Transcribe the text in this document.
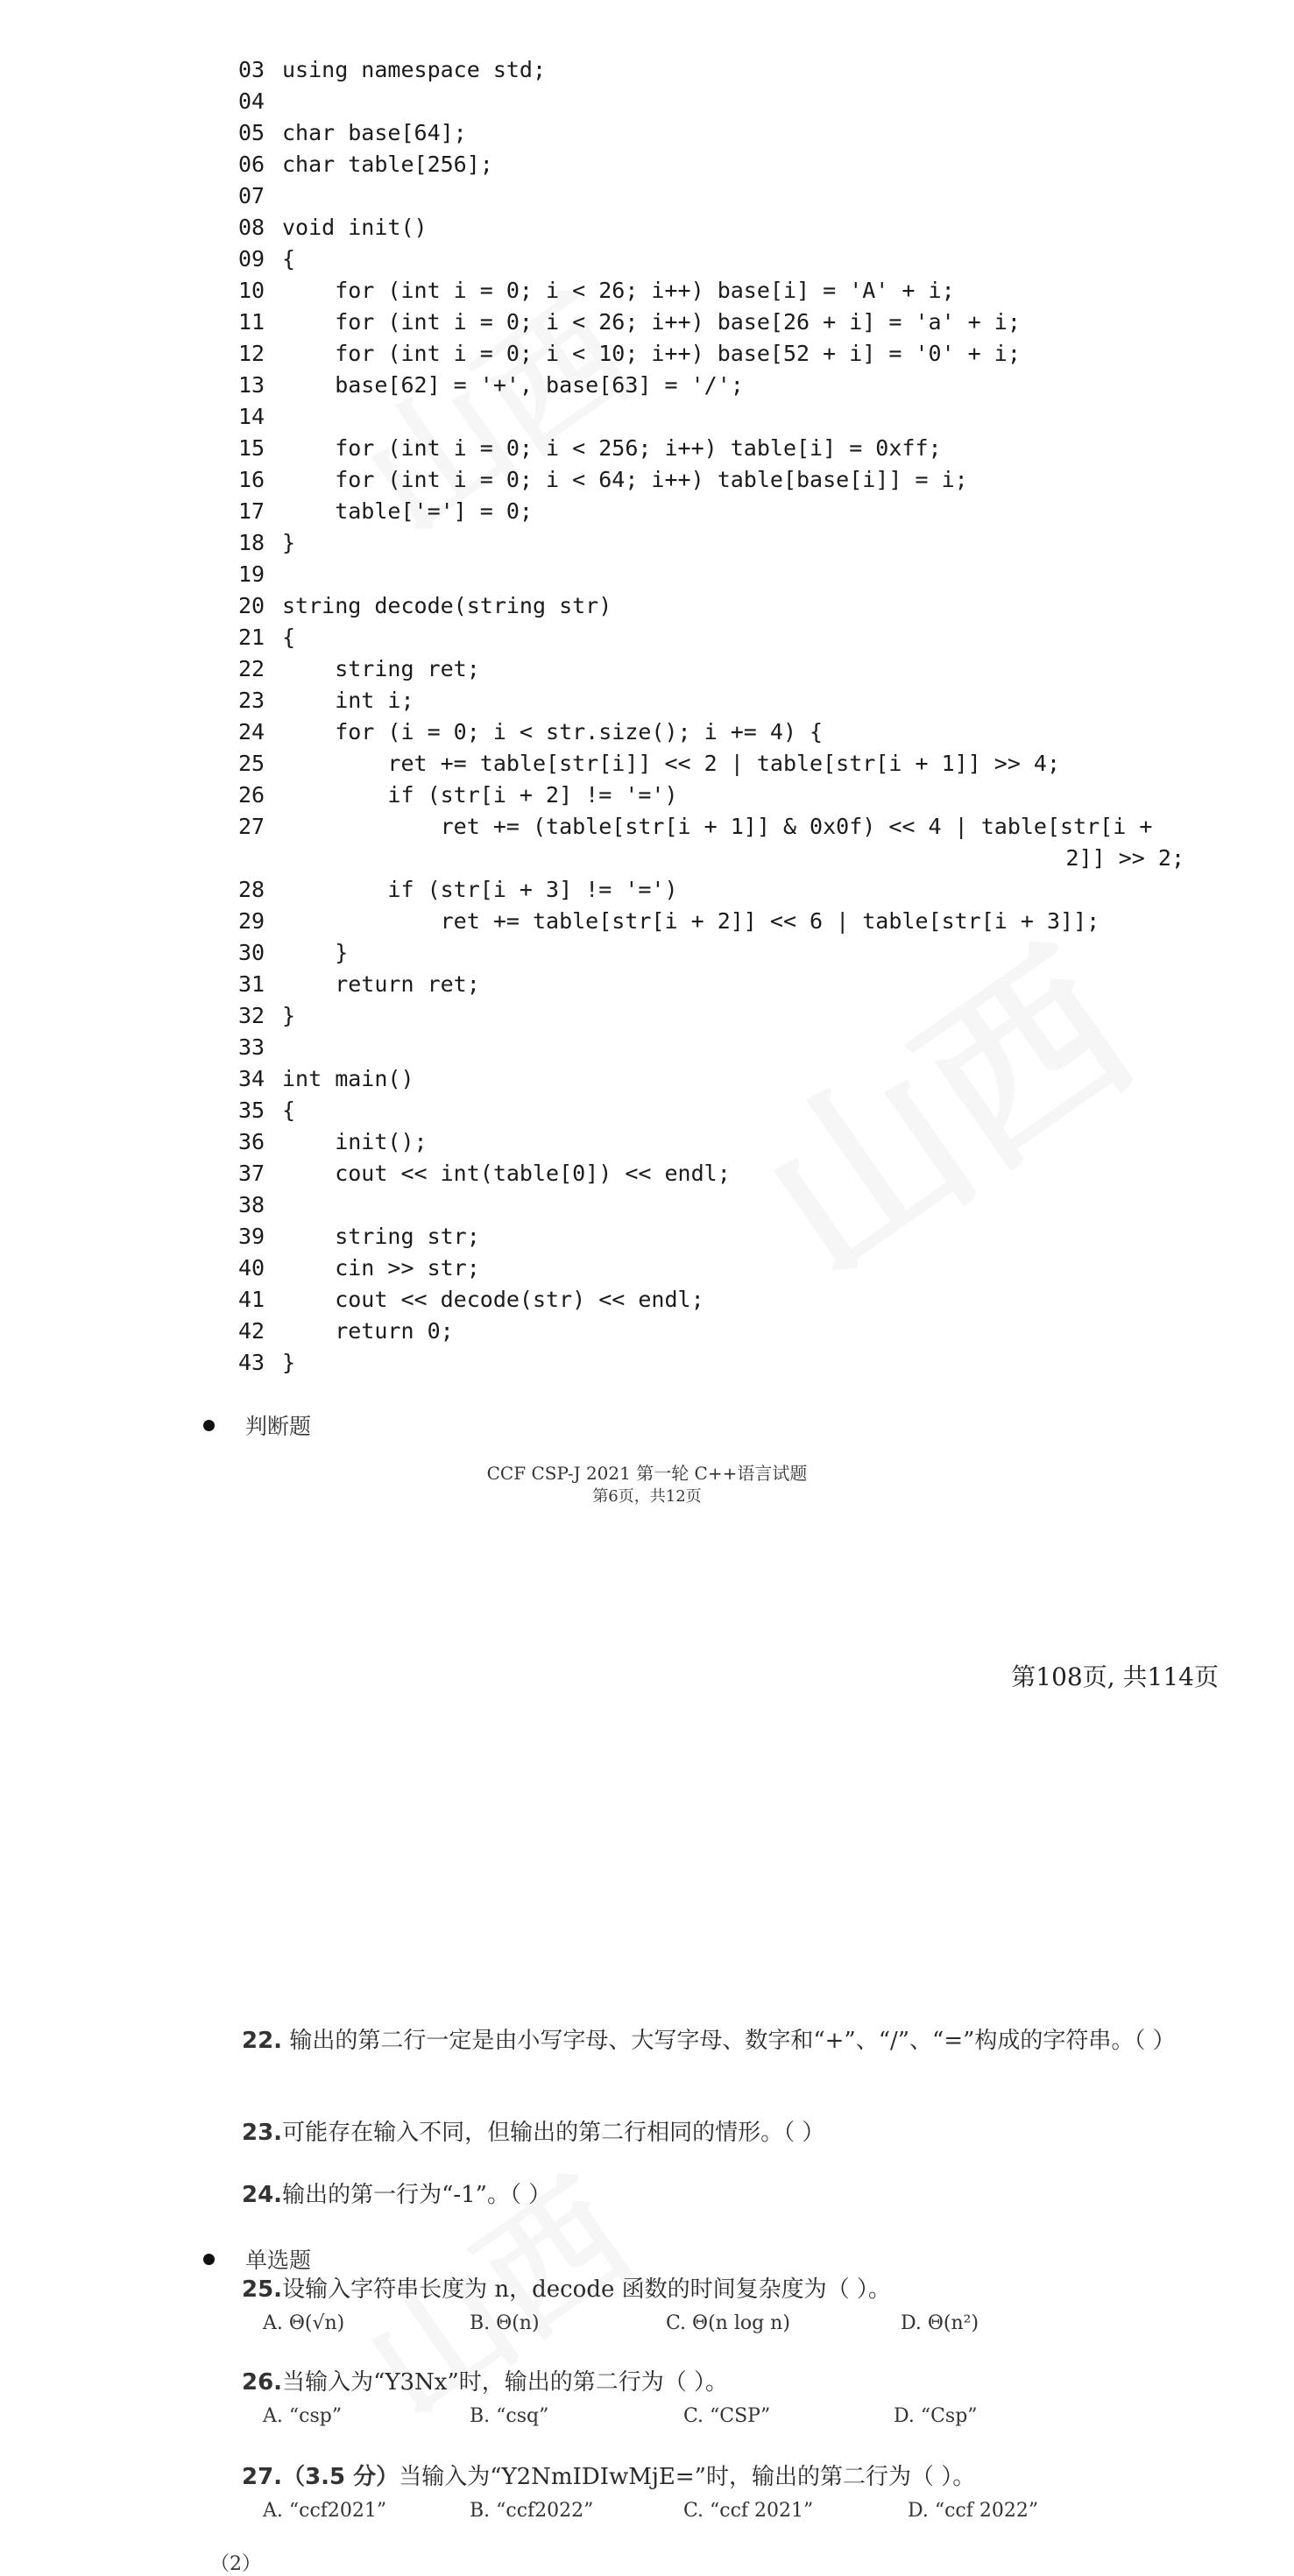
03 using namespace std;
04
05 char base[64];
06 char table[256];
07
08 void init()
09 {
10    for (int i = 0; i < 26; i++) base[i] = 'A' + i;
11    for (int i = 0; i < 26; i++) base[26 + i] = 'a' + i;
12    for (int i = 0; i < 10; i++) base[52 + i] = '0' + i;
13    base[62] = '+', base[63] = '/';
14
15    for (int i = 0; i < 256; i++) table[i] = 0xff;
16    for (int i = 0; i < 64; i++) table[base[i]] = i;
17    table['='] = 0;
18 }
19
20 string decode(string str)
21 {
22    string ret;
23    int i;
24    for (i = 0; i < str.size(); i += 4) {
25        ret += table[str[i]] << 2 | table[str[i + 1]] >> 4;
26        if (str[i + 2] != '=')
27            ret += (table[str[i + 1]] & 0x0f) << 4 | table[str[i +
2]] >> 2;
28        if (str[i + 3] != '=')
29            ret += table[str[i + 2]] << 6 | table[str[i + 3]];
30    }
31    return ret;
32 }
33
34 int main()
35 {
36    init();
37    cout << int(table[0]) << endl;
38
39    string str;
40    cin >> str;
41    cout << decode(str) << endl;
42    return 0;
43 }
判断题
CCF CSP-J 2021 第一轮 C++语言试题
第6页，共12页
第108页, 共114页
22. 输出的第二行一定是由小写字母、大写字母、数字和“+”、“/”、“=”构成的字符串。（ ）
23.可能存在输入不同，但输出的第二行相同的情形。（ ）
24.输出的第一行为“-1”。（ ）
单选题
25.设输入字符串长度为 n，decode 函数的时间复杂度为（ ）。
A. Θ(√n)	B. Θ(n)	C. Θ(n log n)	D. Θ(n²)
26.当输入为“Y3Nx”时，输出的第二行为（ ）。
A. “csp”	B. “csq”	C. “CSP”	D. “Csp”
27.（3.5 分）当输入为“Y2NmIDIwMjE=”时，输出的第二行为（ ）。
A. “ccf2021”	B. “ccf2022”	C. “ccf 2021”	D. “ccf 2022”
（2）
